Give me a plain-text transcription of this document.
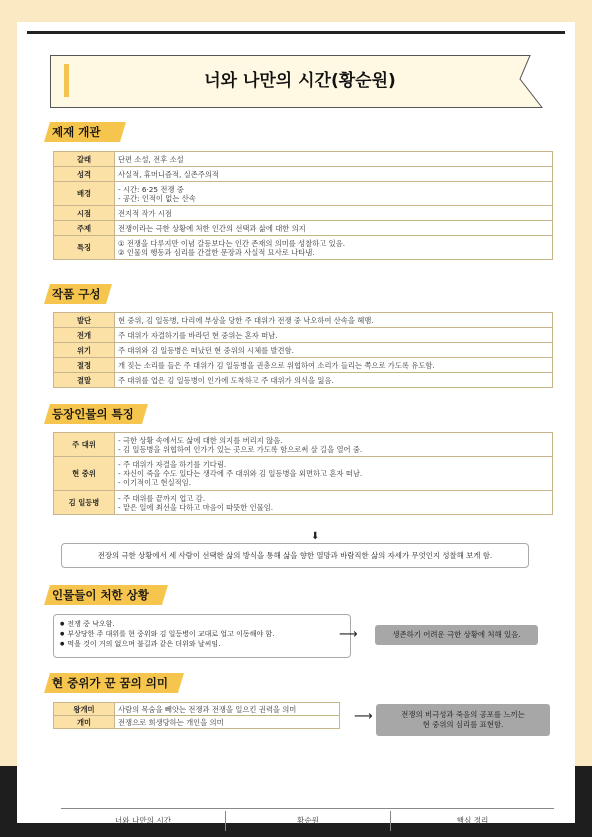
너와 나만의 시간(황순원)
제재 개관
갈래	단편 소설, 전후 소설
성격	사실적, 휴머니즘적, 실존주의적
배경	- 시간: 6·25 전쟁 중
- 공간: 인적이 없는 산속
시점	전지적 작가 시점
주제	전쟁이라는 극한 상황에 처한 인간의 선택과 삶에 대한 의지
특징	① 전쟁을 다루지만 이념 갈등보다는 인간 존재의 의미를 성찰하고 있음.
② 인물의 행동과 심리를 간결한 문장과 사실적 묘사로 나타냄.
작품 구성
발단	현 중위, 김 일등병, 다리에 부상을 당한 주 대위가 전쟁 중 낙오하여 산속을 헤맴.
전개	주 대위가 자결하기를 바라던 현 중위는 혼자 떠남.
위기	주 대위와 김 일등병은 떠났던 현 중위의 시체를 발견함.
절정	개 짖는 소리를 들은 주 대위가 김 일등병을 권총으로 위협하여 소리가 들리는 쪽으로 가도록 유도함.
결말	주 대위를 업은 김 일등병이 인가에 도착하고 주 대위가 의식을 잃음.
등장인물의 특징
주 대위	- 극한 상황 속에서도 삶에 대한 의지를 버리지 않음.
- 김 일등병을 위협하여 인가가 있는 곳으로 가도록 함으로써 살 길을 열어 줌.
현 중위	- 주 대위가 자결을 하기를 기다림.
- 자신이 죽을 수도 있다는 생각에 주 대위와 김 일등병을 외면하고 혼자 떠남.
- 이기적이고 현실적임.
김 일등병	- 주 대위를 끝까지 업고 감.
- 맡은 일에 최선을 다하고 마음이 따뜻한 인물임.
⬇
전장의 극한 상황에서 세 사람이 선택한 삶의 방식을 통해 삶을 향한 열망과 바람직한 삶의 자세가 무엇인지 성찰해 보게 함.
인물들이 처한 상황
● 전쟁 중 낙오함.
● 부상당한 주 대위를 현 중위와 김 일등병이 교대로 업고 이동해야 함.
● 먹을 것이 거의 없으며 불길과 같은 더위와 날씨임.
⟶	생존하기 어려운 극한 상황에 처해 있음.
현 중위가 꾼 꿈의 의미
왕개미	사람의 목숨을 빼앗는 전쟁과 전쟁을 일으킨 권력을 의미
개미	전쟁으로 희생당하는 개인을 의미	⟶	전쟁의 비극성과 죽음의 공포를 느끼는
현 중위의 심리를 표현함.
너와 나만의 시간	황순원	핵심 정리
